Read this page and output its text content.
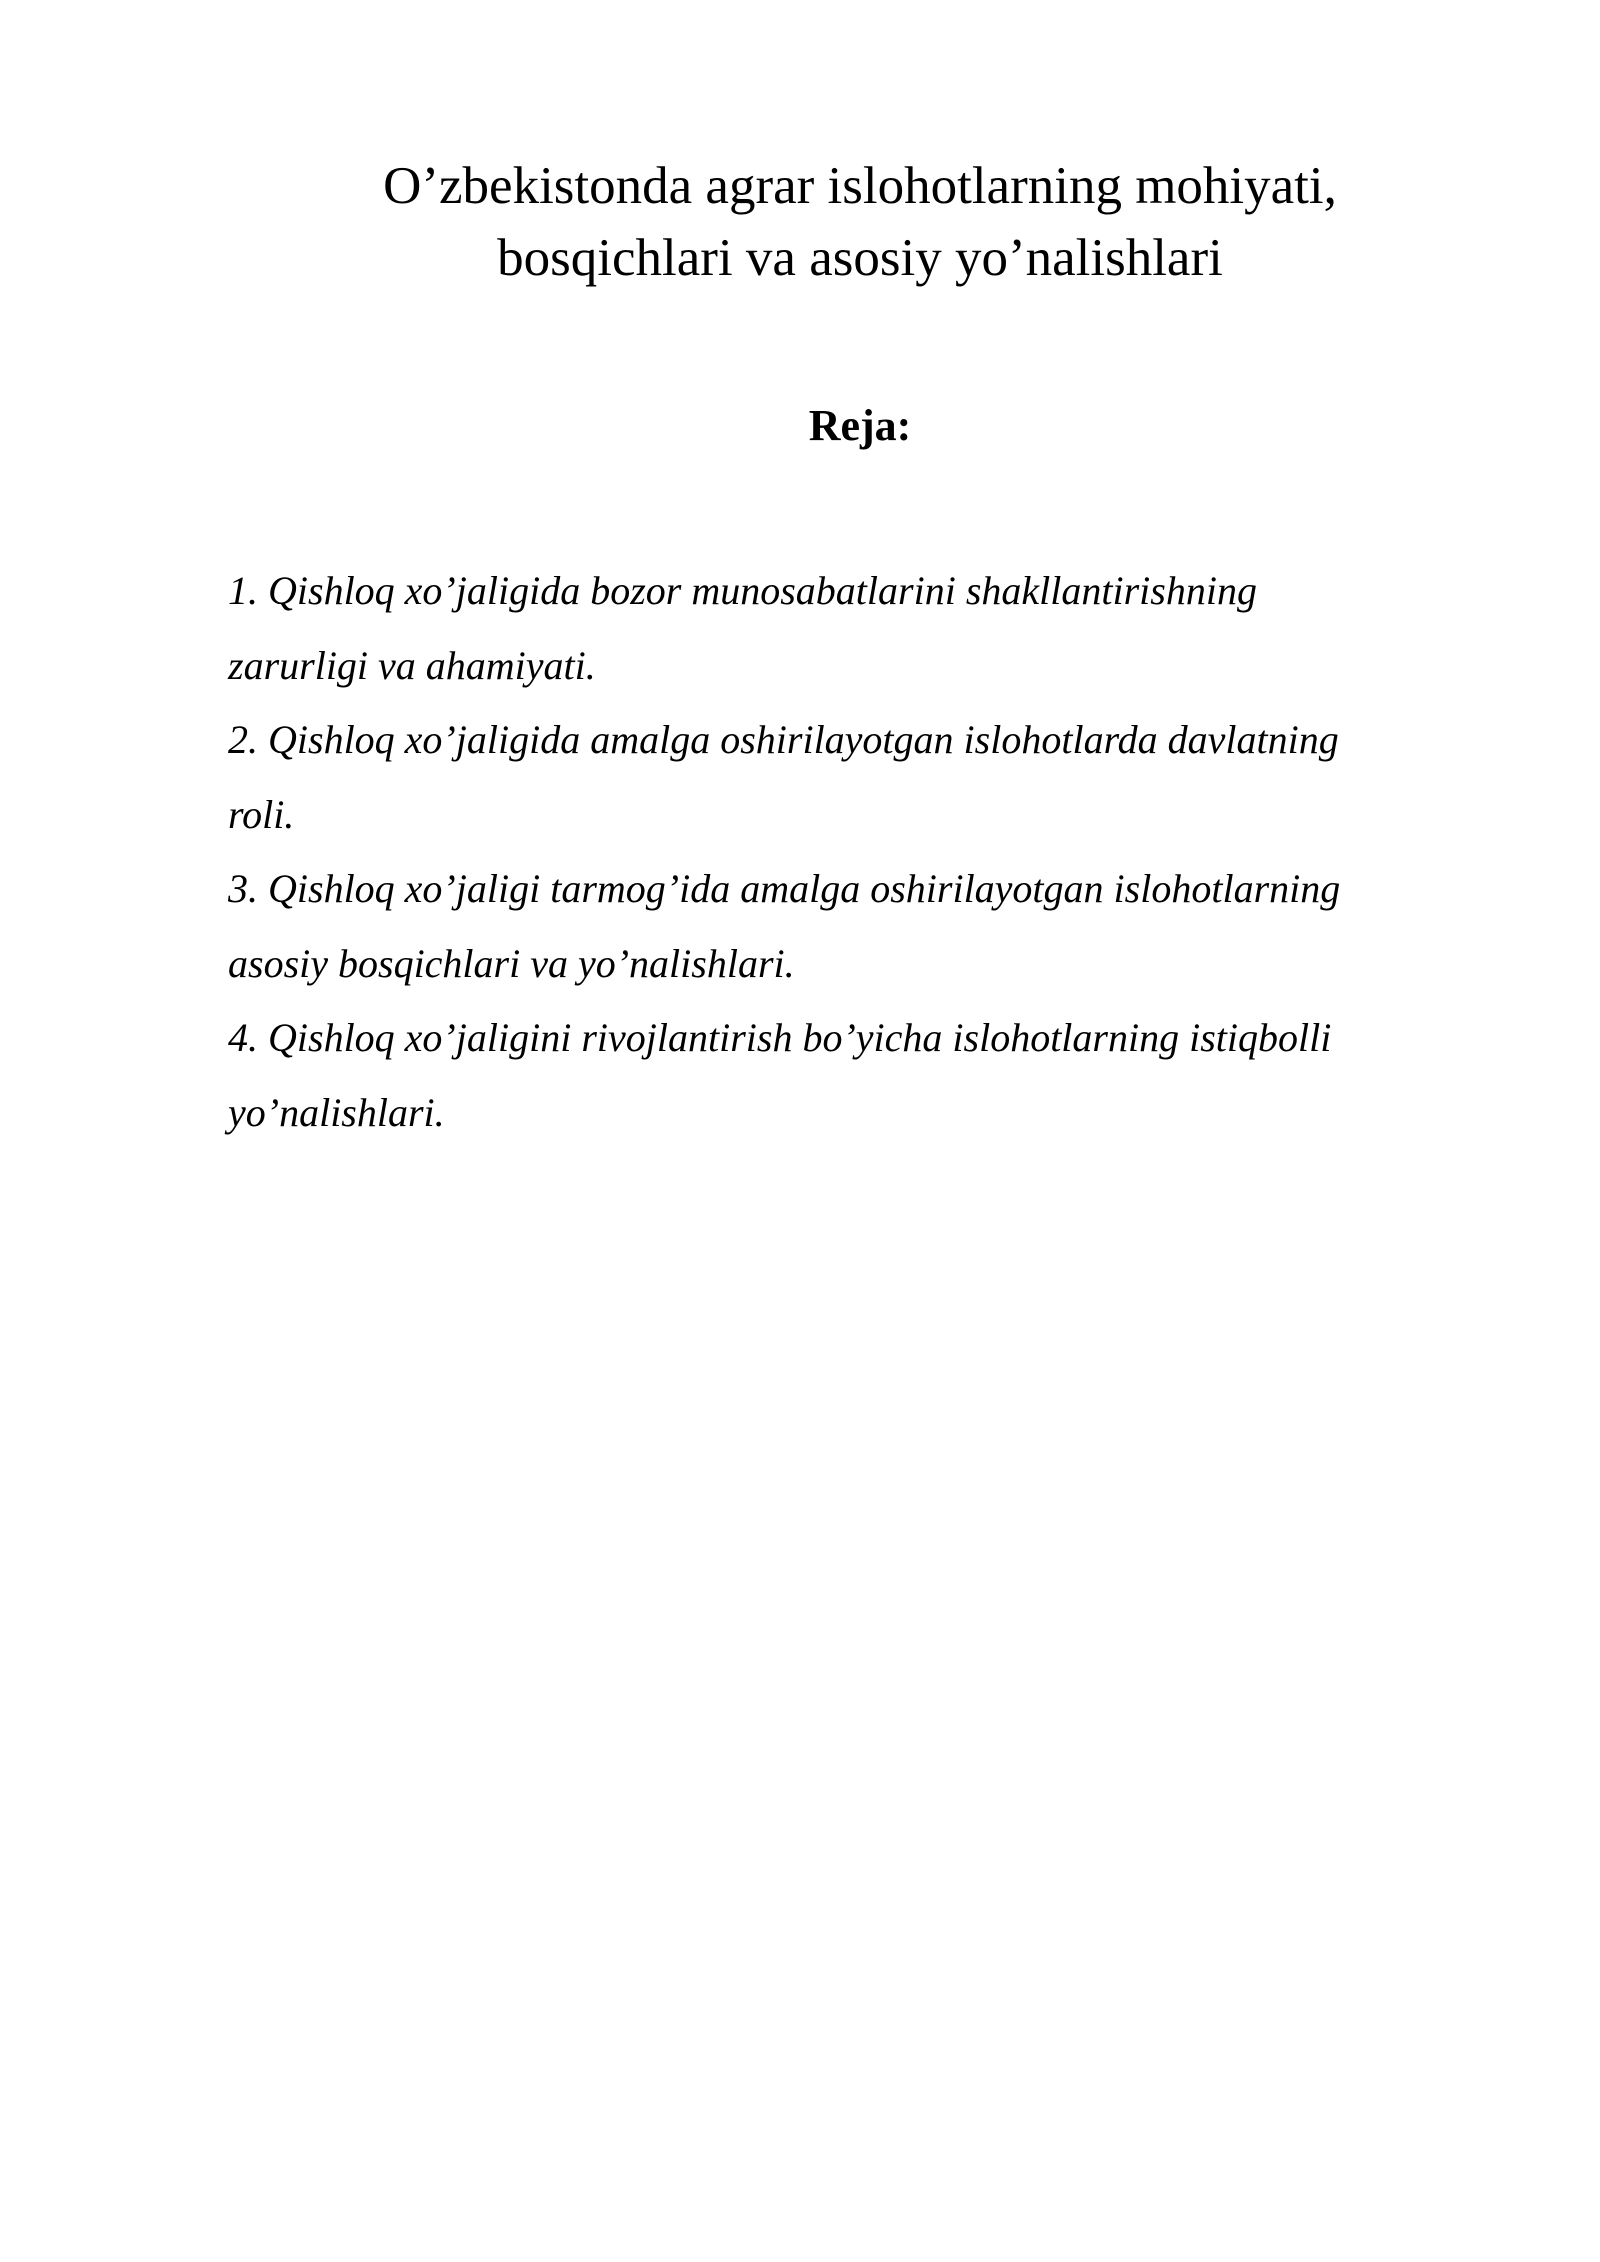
O’zbekistonda agrar islohotlarning mohiyati,
bosqichlari va asosiy yo’nalishlari
Reja:
1. Qishloq xo’jaligida bozor munosabatlarini shakllantirishning
zarurligi va ahamiyati.
2. Qishloq xo’jaligida amalga oshirilayotgan islohotlarda davlatning
roli.
3. Qishloq xo’jaligi tarmog’ida amalga oshirilayotgan islohotlarning
asosiy bosqichlari va yo’nalishlari.
4. Qishloq xo’jaligini rivojlantirish bo’yicha islohotlarning istiqbolli
yo’nalishlari.
